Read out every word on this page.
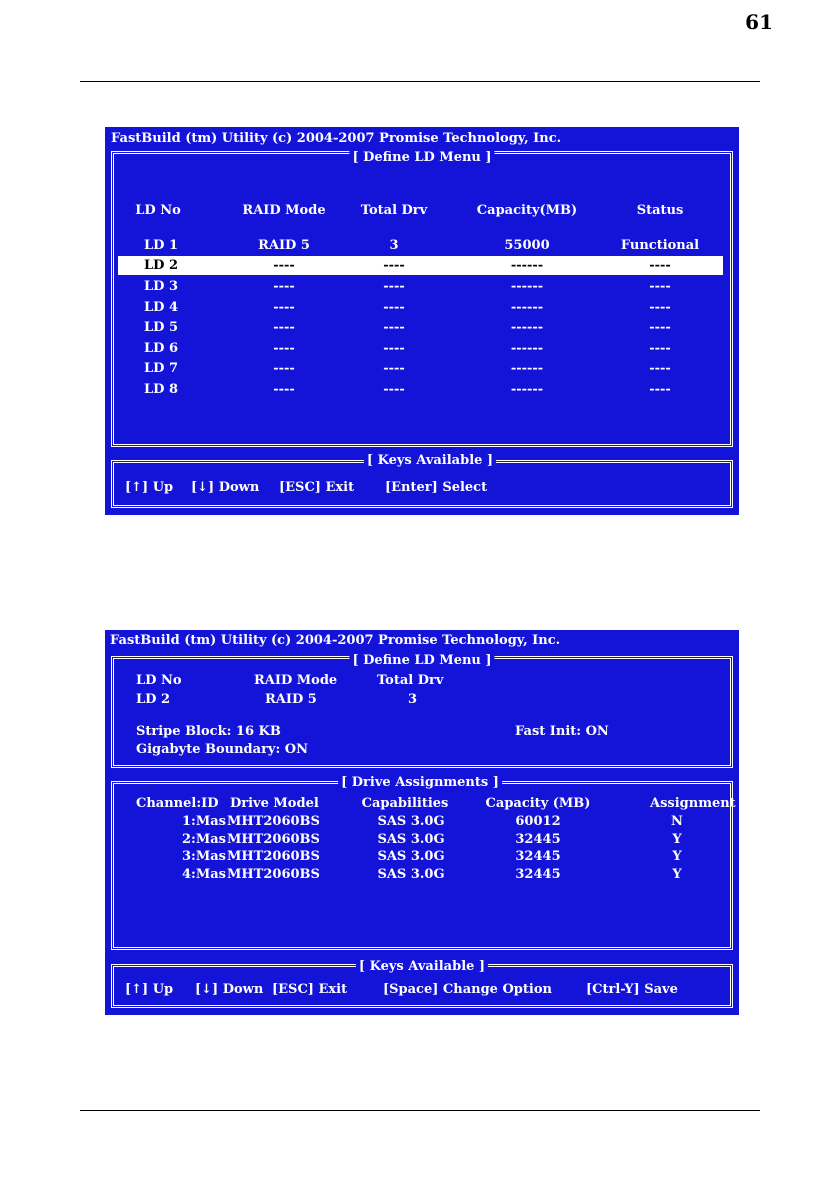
61
FastBuild (tm) Utility (c) 2004-2007 Promise Technology, Inc.
[ Define LD Menu ]
LD No	RAID Mode	Total Drv	Capacity(MB)	Status
LD 1	RAID 5	3	55000	Functional
LD 2	----	----	------	----
LD 3	----	----	------	----
LD 4	----	----	------	----
LD 5	----	----	------	----
LD 6	----	----	------	----
LD 7	----	----	------	----
LD 8	----	----	------	----
[ Keys Available ]
[↑] Up [↓] Down [ESC] Exit [Enter] Select
FastBuild (tm) Utility (c) 2004-2007 Promise Technology, Inc.
[ Define LD Menu ]
LD No	RAID Mode	Total Drv
LD 2	RAID 5	3
Stripe Block: 16 KB	Fast Init: ON
Gigabyte Boundary: ON
[ Drive Assignments ]
Channel:ID Drive Model	Capabilities	Capacity (MB)	Assignment
1:Mas MHT2060BS	SAS 3.0G	60012	N
2:Mas MHT2060BS	SAS 3.0G	32445	Y
3:Mas MHT2060BS	SAS 3.0G	32445	Y
4:Mas MHT2060BS	SAS 3.0G	32445	Y
[ Keys Available ]
[↑] Up [↓] Down [ESC] Exit	[Space] Change Option	[Ctrl-Y] Save
